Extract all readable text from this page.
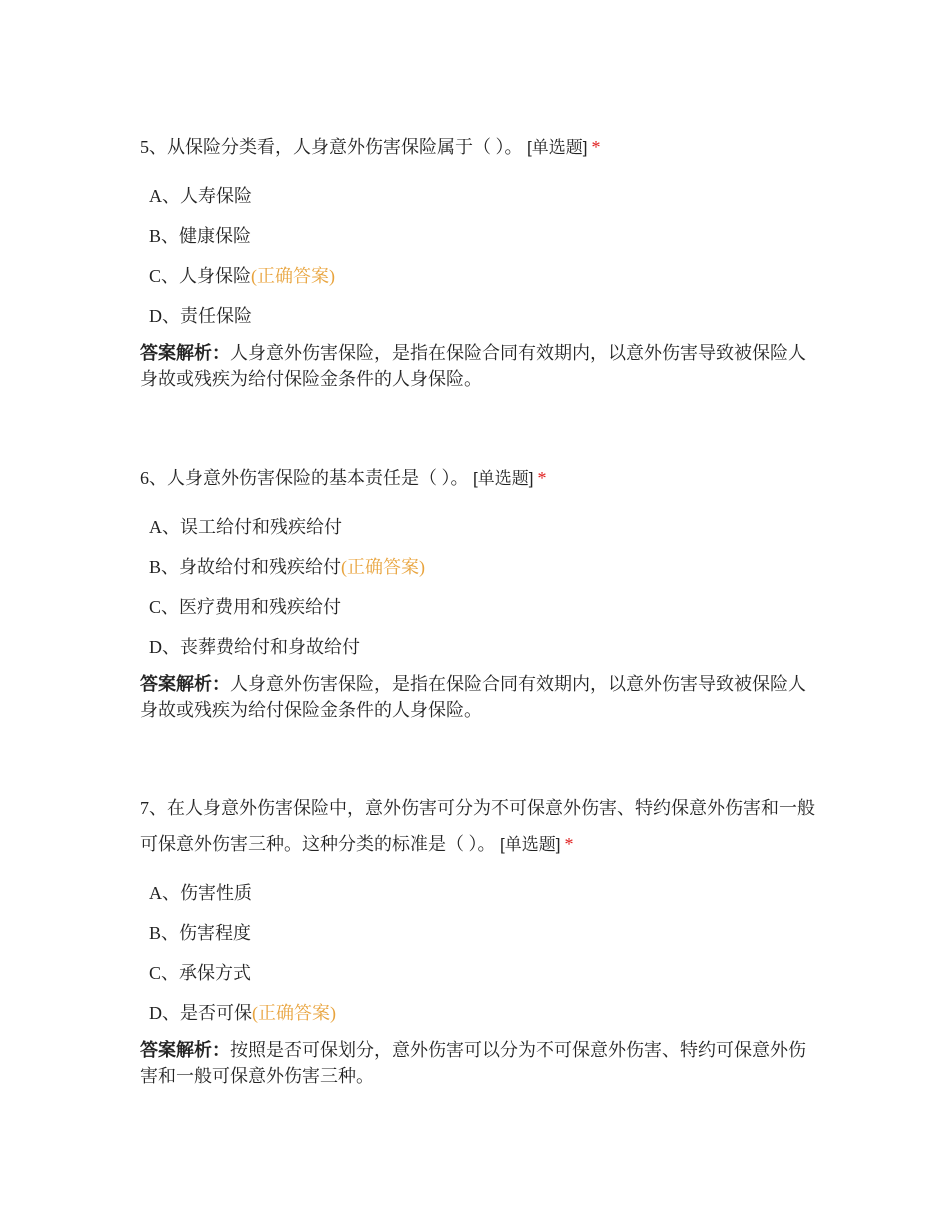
5、从保险分类看，人身意外伤害保险属于（ ）。 [单选题] *

A、人寿保险
B、健康保险
C、人身保险(正确答案)
D、责任保险
答案解析：人身意外伤害保险，是指在保险合同有效期内，以意外伤害导致被保险人身故或残疾为给付保险金条件的人身保险。

6、人身意外伤害保险的基本责任是（ ）。 [单选题] *

A、误工给付和残疾给付
B、身故给付和残疾给付(正确答案)
C、医疗费用和残疾给付
D、丧葬费给付和身故给付
答案解析：人身意外伤害保险，是指在保险合同有效期内，以意外伤害导致被保险人身故或残疾为给付保险金条件的人身保险。

7、在人身意外伤害保险中，意外伤害可分为不可保意外伤害、特约保意外伤害和一般可保意外伤害三种。这种分类的标准是（ ）。 [单选题] *

A、伤害性质
B、伤害程度
C、承保方式
D、是否可保(正确答案)
答案解析：按照是否可保划分，意外伤害可以分为不可保意外伤害、特约可保意外伤害和一般可保意外伤害三种。
